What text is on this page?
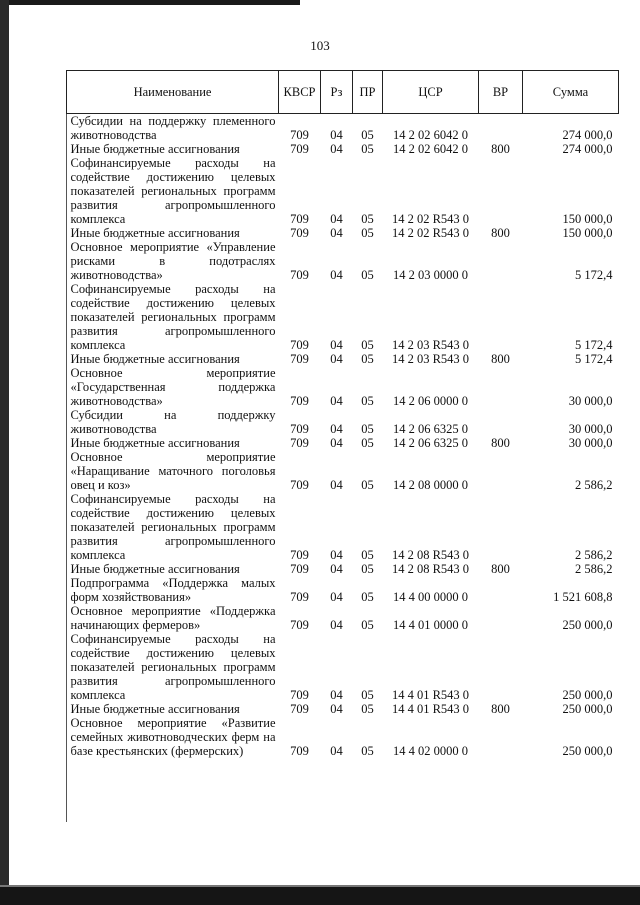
103
Наименование	КВСР	Рз	ПР	ЦСР	ВР	Сумма
Субсидии на поддержку племенного животноводства	709	04	05	14 2 02 6042 0		274 000,0
Иные бюджетные ассигнования	709	04	05	14 2 02 6042 0	800	274 000,0
Софинансируемые расходы на содействие достижению целевых показателей региональных программ развития агропромышленного комплекса	709	04	05	14 2 02 R543 0		150 000,0
Иные бюджетные ассигнования	709	04	05	14 2 02 R543 0	800	150 000,0
Основное мероприятие «Управление рисками в подотраслях животноводства»	709	04	05	14 2 03 0000 0		5 172,4
Софинансируемые расходы на содействие достижению целевых показателей региональных программ развития агропромышленного комплекса	709	04	05	14 2 03 R543 0		5 172,4
Иные бюджетные ассигнования	709	04	05	14 2 03 R543 0	800	5 172,4
Основное мероприятие «Государственная поддержка животноводства»	709	04	05	14 2 06 0000 0		30 000,0
Субсидии на поддержку животноводства	709	04	05	14 2 06 6325 0		30 000,0
Иные бюджетные ассигнования	709	04	05	14 2 06 6325 0	800	30 000,0
Основное мероприятие «Наращивание маточного поголовья овец и коз»	709	04	05	14 2 08 0000 0		2 586,2
Софинансируемые расходы на содействие достижению целевых показателей региональных программ развития агропромышленного комплекса	709	04	05	14 2 08 R543 0		2 586,2
Иные бюджетные ассигнования	709	04	05	14 2 08 R543 0	800	2 586,2
Подпрограмма «Поддержка малых форм хозяйствования»	709	04	05	14 4 00 0000 0		1 521 608,8
Основное мероприятие «Поддержка начинающих фермеров»	709	04	05	14 4 01 0000 0		250 000,0
Софинансируемые расходы на содействие достижению целевых показателей региональных программ развития агропромышленного комплекса	709	04	05	14 4 01 R543 0		250 000,0
Иные бюджетные ассигнования	709	04	05	14 4 01 R543 0	800	250 000,0
Основное мероприятие «Развитие семейных животноводческих ферм на базе крестьянских (фермерских)	709	04	05	14 4 02 0000 0		250 000,0
